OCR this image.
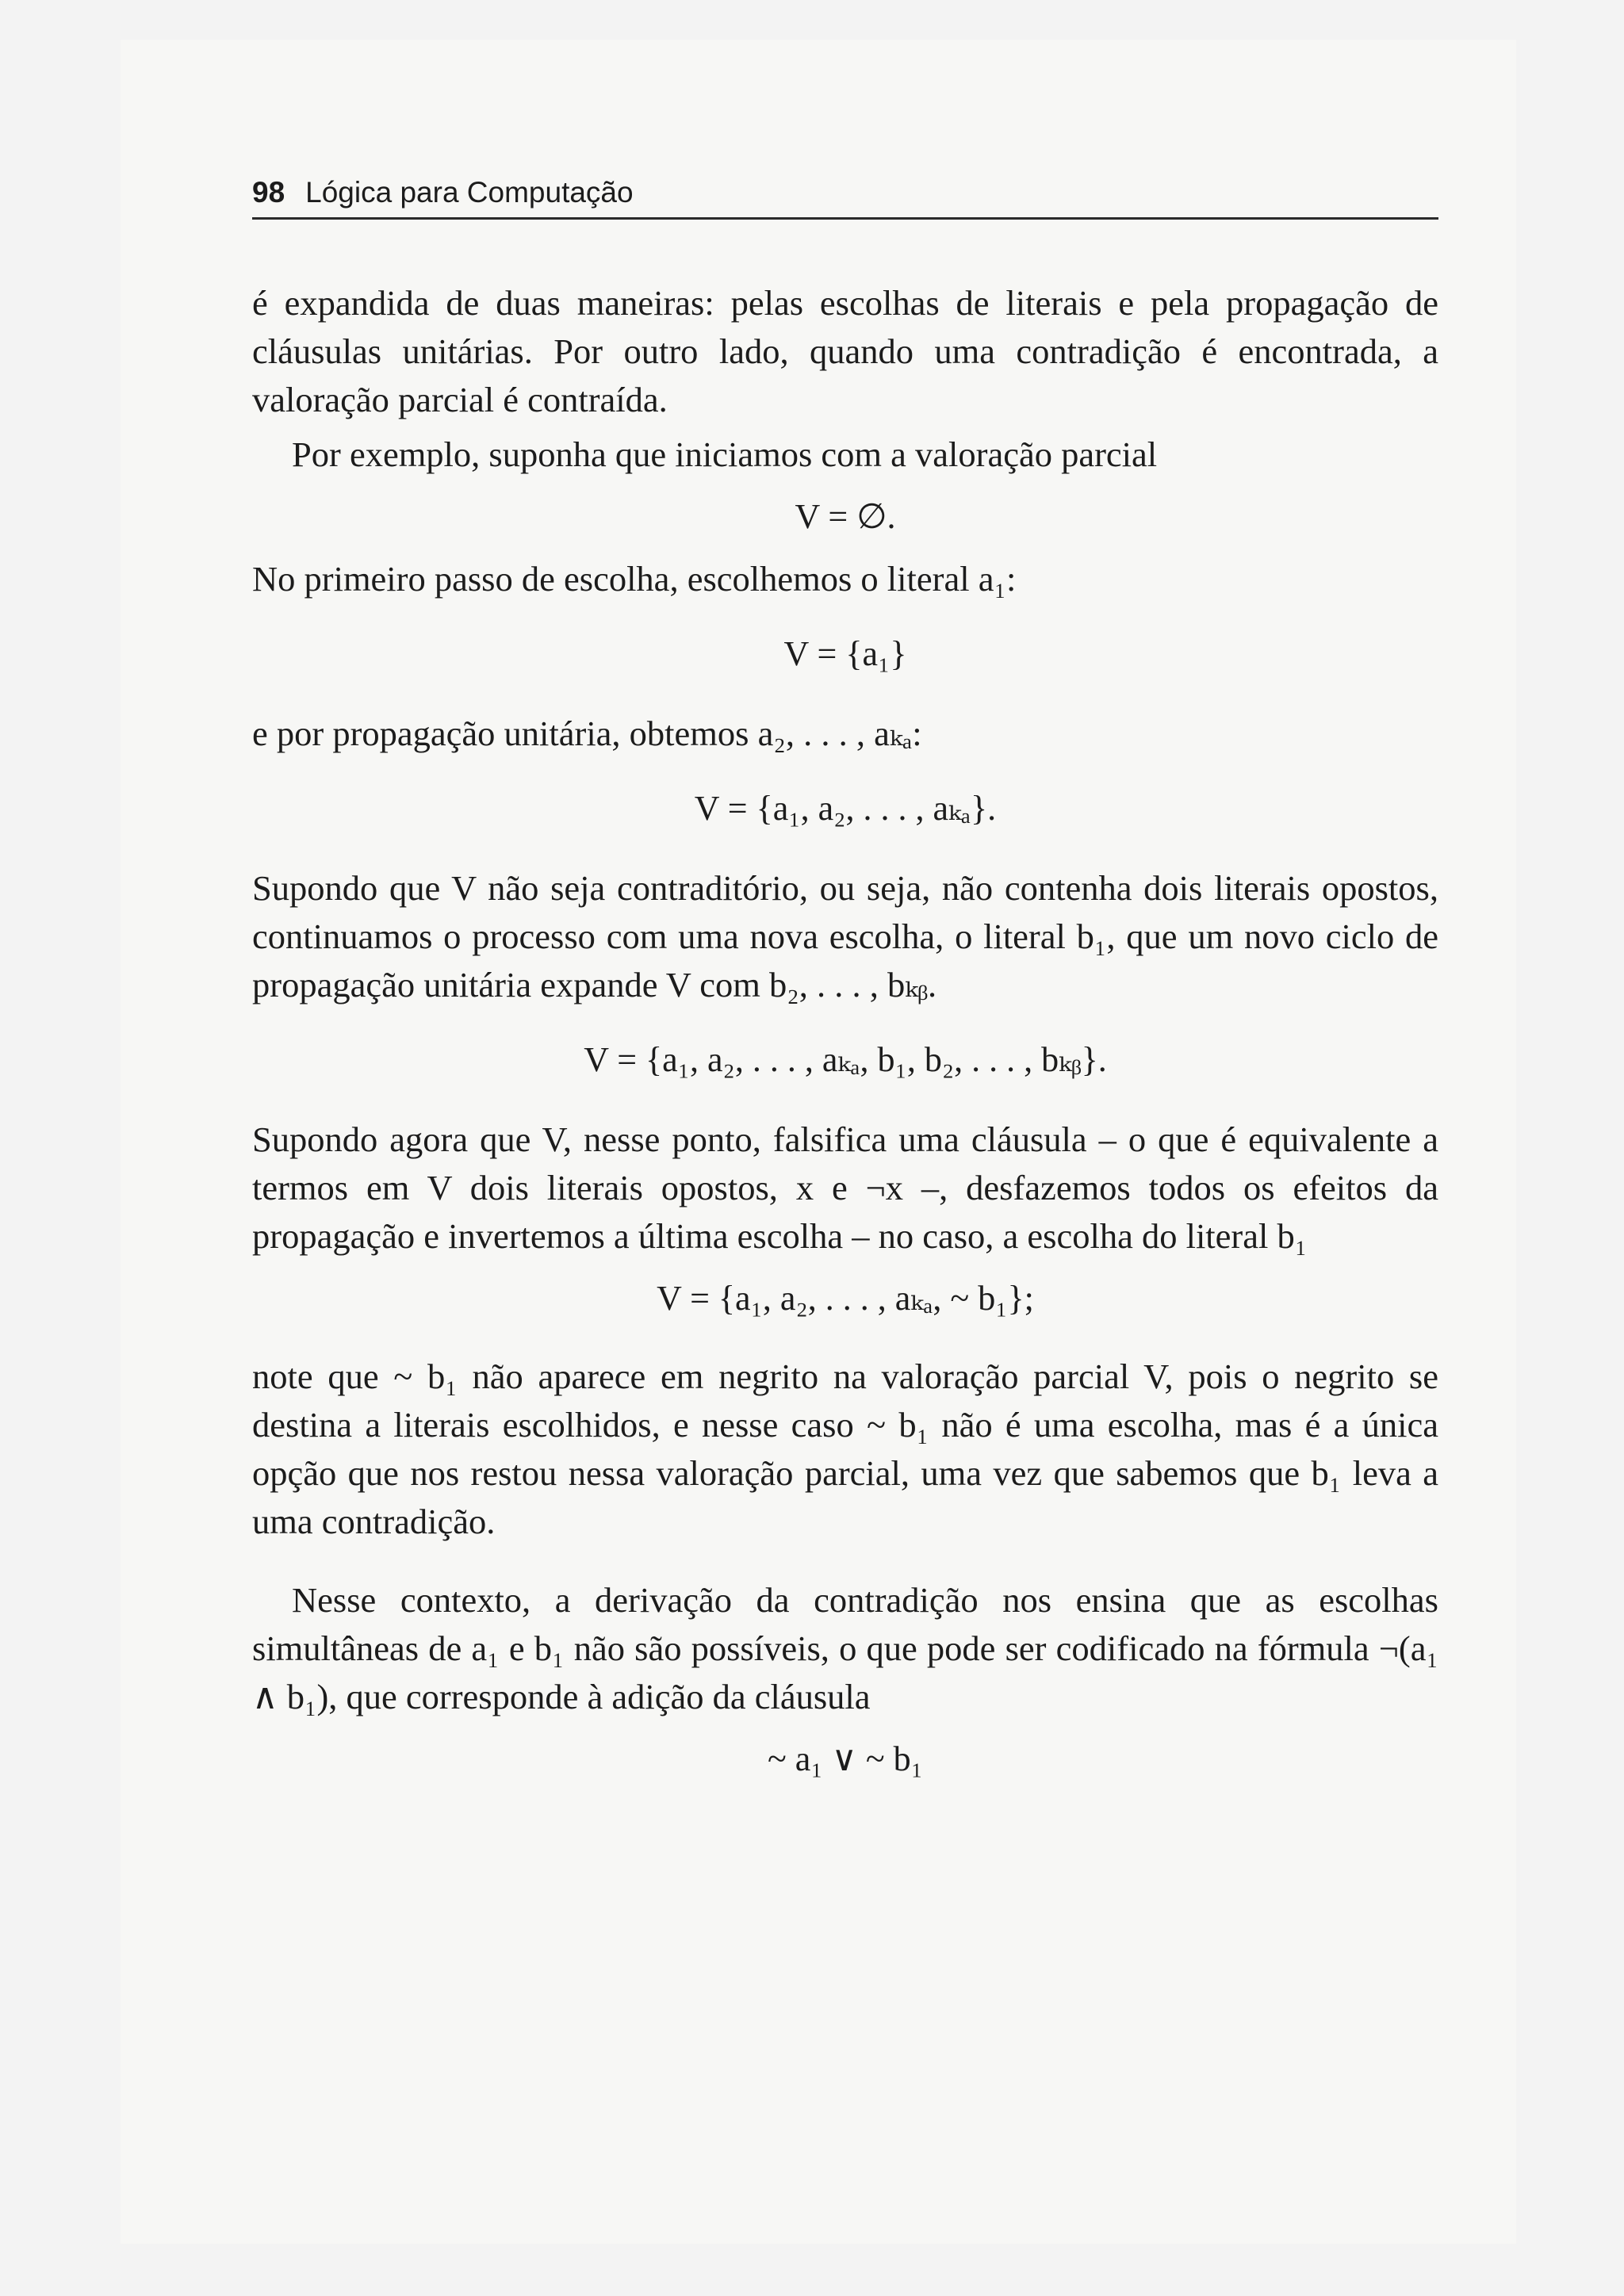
98 Lógica para Computação

é expandida de duas maneiras: pelas escolhas de literais e pela propagação de cláusulas unitárias. Por outro lado, quando uma contradição é encontrada, a valoração parcial é contraída.

Por exemplo, suponha que iniciamos com a valoração parcial

V = ∅.

No primeiro passo de escolha, escolhemos o literal a₁:

V = {a₁}

e por propagação unitária, obtemos a₂, . . . , aₖₐ:

V = {a₁, a₂, . . . , aₖₐ}.

Supondo que V não seja contraditório, ou seja, não contenha dois literais opostos, continuamos o processo com uma nova escolha, o literal b₁, que um novo ciclo de propagação unitária expande V com b₂, . . . , bₖᵦ.

V = {a₁, a₂, . . . , aₖₐ, b₁, b₂, . . . , bₖᵦ}.

Supondo agora que V, nesse ponto, falsifica uma cláusula – o que é equivalente a termos em V dois literais opostos, x e ¬x –, desfazemos todos os efeitos da propagação e invertemos a última escolha – no caso, a escolha do literal b₁

V = {a₁, a₂, . . . , aₖₐ, ~ b₁};

note que ~ b₁ não aparece em negrito na valoração parcial V, pois o negrito se destina a literais escolhidos, e nesse caso ~ b₁ não é uma escolha, mas é a única opção que nos restou nessa valoração parcial, uma vez que sabemos que b₁ leva a uma contradição.

Nesse contexto, a derivação da contradição nos ensina que as escolhas simultâneas de a₁ e b₁ não são possíveis, o que pode ser codificado na fórmula ¬(a₁ ∧ b₁), que corresponde à adição da cláusula

~ a₁ ∨ ~ b₁
